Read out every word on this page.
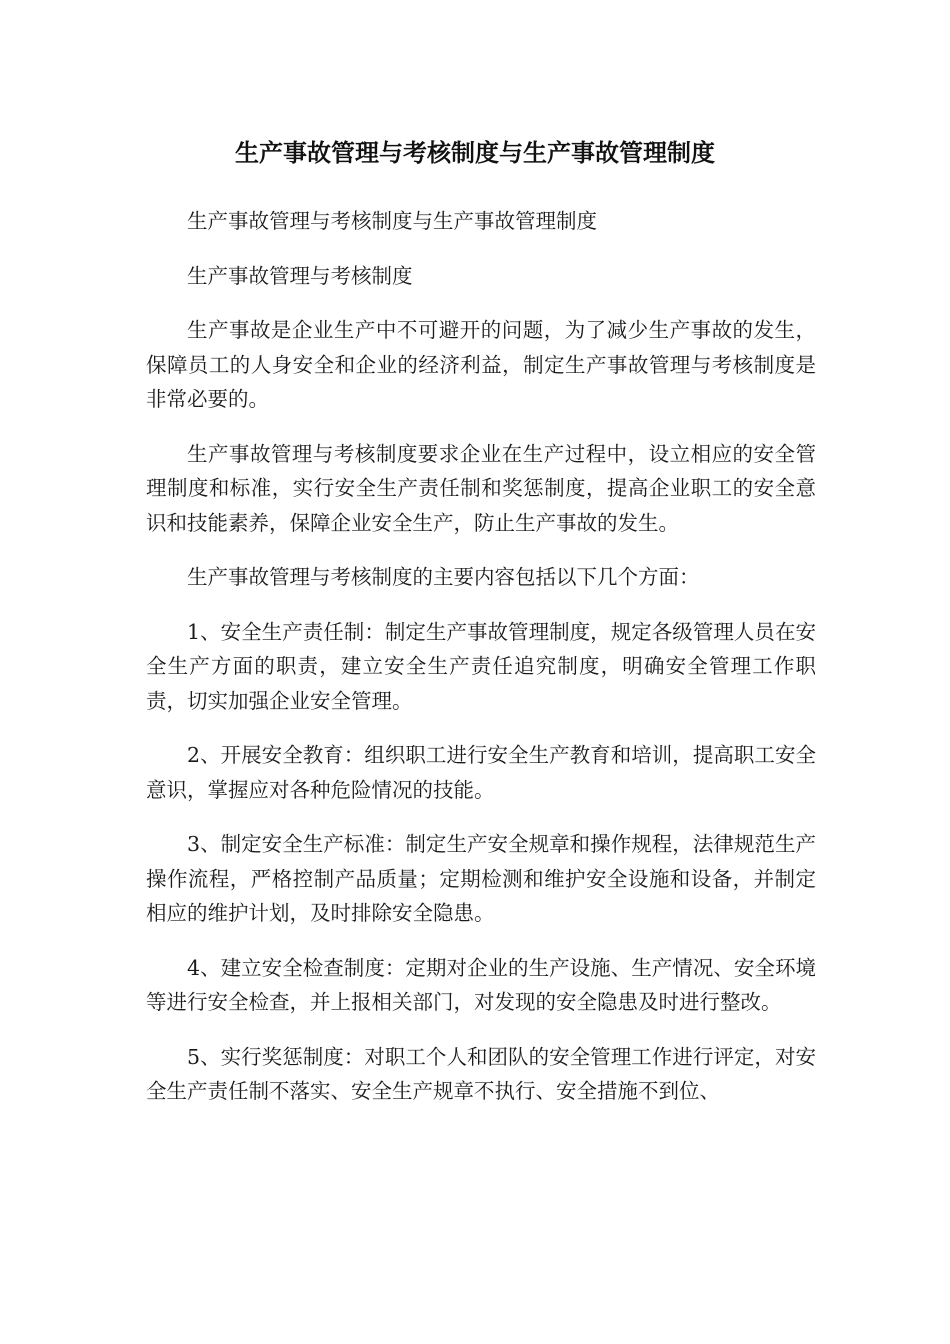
生产事故管理与考核制度与生产事故管理制度

生产事故管理与考核制度与生产事故管理制度

生产事故管理与考核制度

生产事故是企业生产中不可避开的问题，为了减少生产事故的发生，保障员工的人身安全和企业的经济利益，制定生产事故管理与考核制度是非常必要的。

生产事故管理与考核制度要求企业在生产过程中，设立相应的安全管理制度和标准，实行安全生产责任制和奖惩制度，提高企业职工的安全意识和技能素养，保障企业安全生产，防止生产事故的发生。

生产事故管理与考核制度的主要内容包括以下几个方面：

1、安全生产责任制：制定生产事故管理制度，规定各级管理人员在安全生产方面的职责，建立安全生产责任追究制度，明确安全管理工作职责，切实加强企业安全管理。

2、开展安全教育：组织职工进行安全生产教育和培训，提高职工安全意识，掌握应对各种危险情况的技能。

3、制定安全生产标准：制定生产安全规章和操作规程，法律规范生产操作流程，严格控制产品质量；定期检测和维护安全设施和设备，并制定相应的维护计划，及时排除安全隐患。

4、建立安全检查制度：定期对企业的生产设施、生产情况、安全环境等进行安全检查，并上报相关部门，对发现的安全隐患及时进行整改。

5、实行奖惩制度：对职工个人和团队的安全管理工作进行评定，对安全生产责任制不落实、安全生产规章不执行、安全措施不到位、
